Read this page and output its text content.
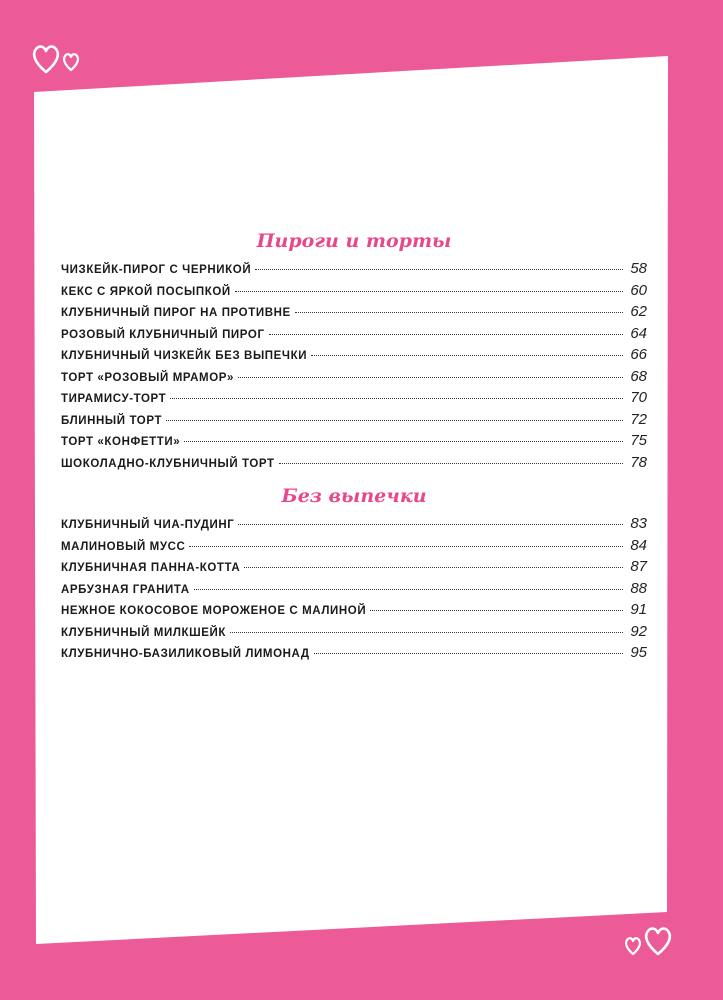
Пироги и торты
ЧИЗКЕЙК-ПИРОГ С ЧЕРНИКОЙ	58
КЕКС С ЯРКОЙ ПОСЫПКОЙ	60
КЛУБНИЧНЫЙ ПИРОГ НА ПРОТИВНЕ	62
РОЗОВЫЙ КЛУБНИЧНЫЙ ПИРОГ	64
КЛУБНИЧНЫЙ ЧИЗКЕЙК БЕЗ ВЫПЕЧКИ	66
ТОРТ «РОЗОВЫЙ МРАМОР»	68
ТИРАМИСУ-ТОРТ	70
БЛИННЫЙ ТОРТ	72
ТОРТ «КОНФЕТТИ»	75
ШОКОЛАДНО-КЛУБНИЧНЫЙ ТОРТ	78
Без выпечки
КЛУБНИЧНЫЙ ЧИА-ПУДИНГ	83
МАЛИНОВЫЙ МУСС	84
КЛУБНИЧНАЯ ПАННА-КОТТА	87
АРБУЗНАЯ ГРАНИТА	88
НЕЖНОЕ КОКОСОВОЕ МОРОЖЕНОЕ С МАЛИНОЙ	91
КЛУБНИЧНЫЙ МИЛКШЕЙК	92
КЛУБНИЧНО-БАЗИЛИКОВЫЙ ЛИМОНАД	95
